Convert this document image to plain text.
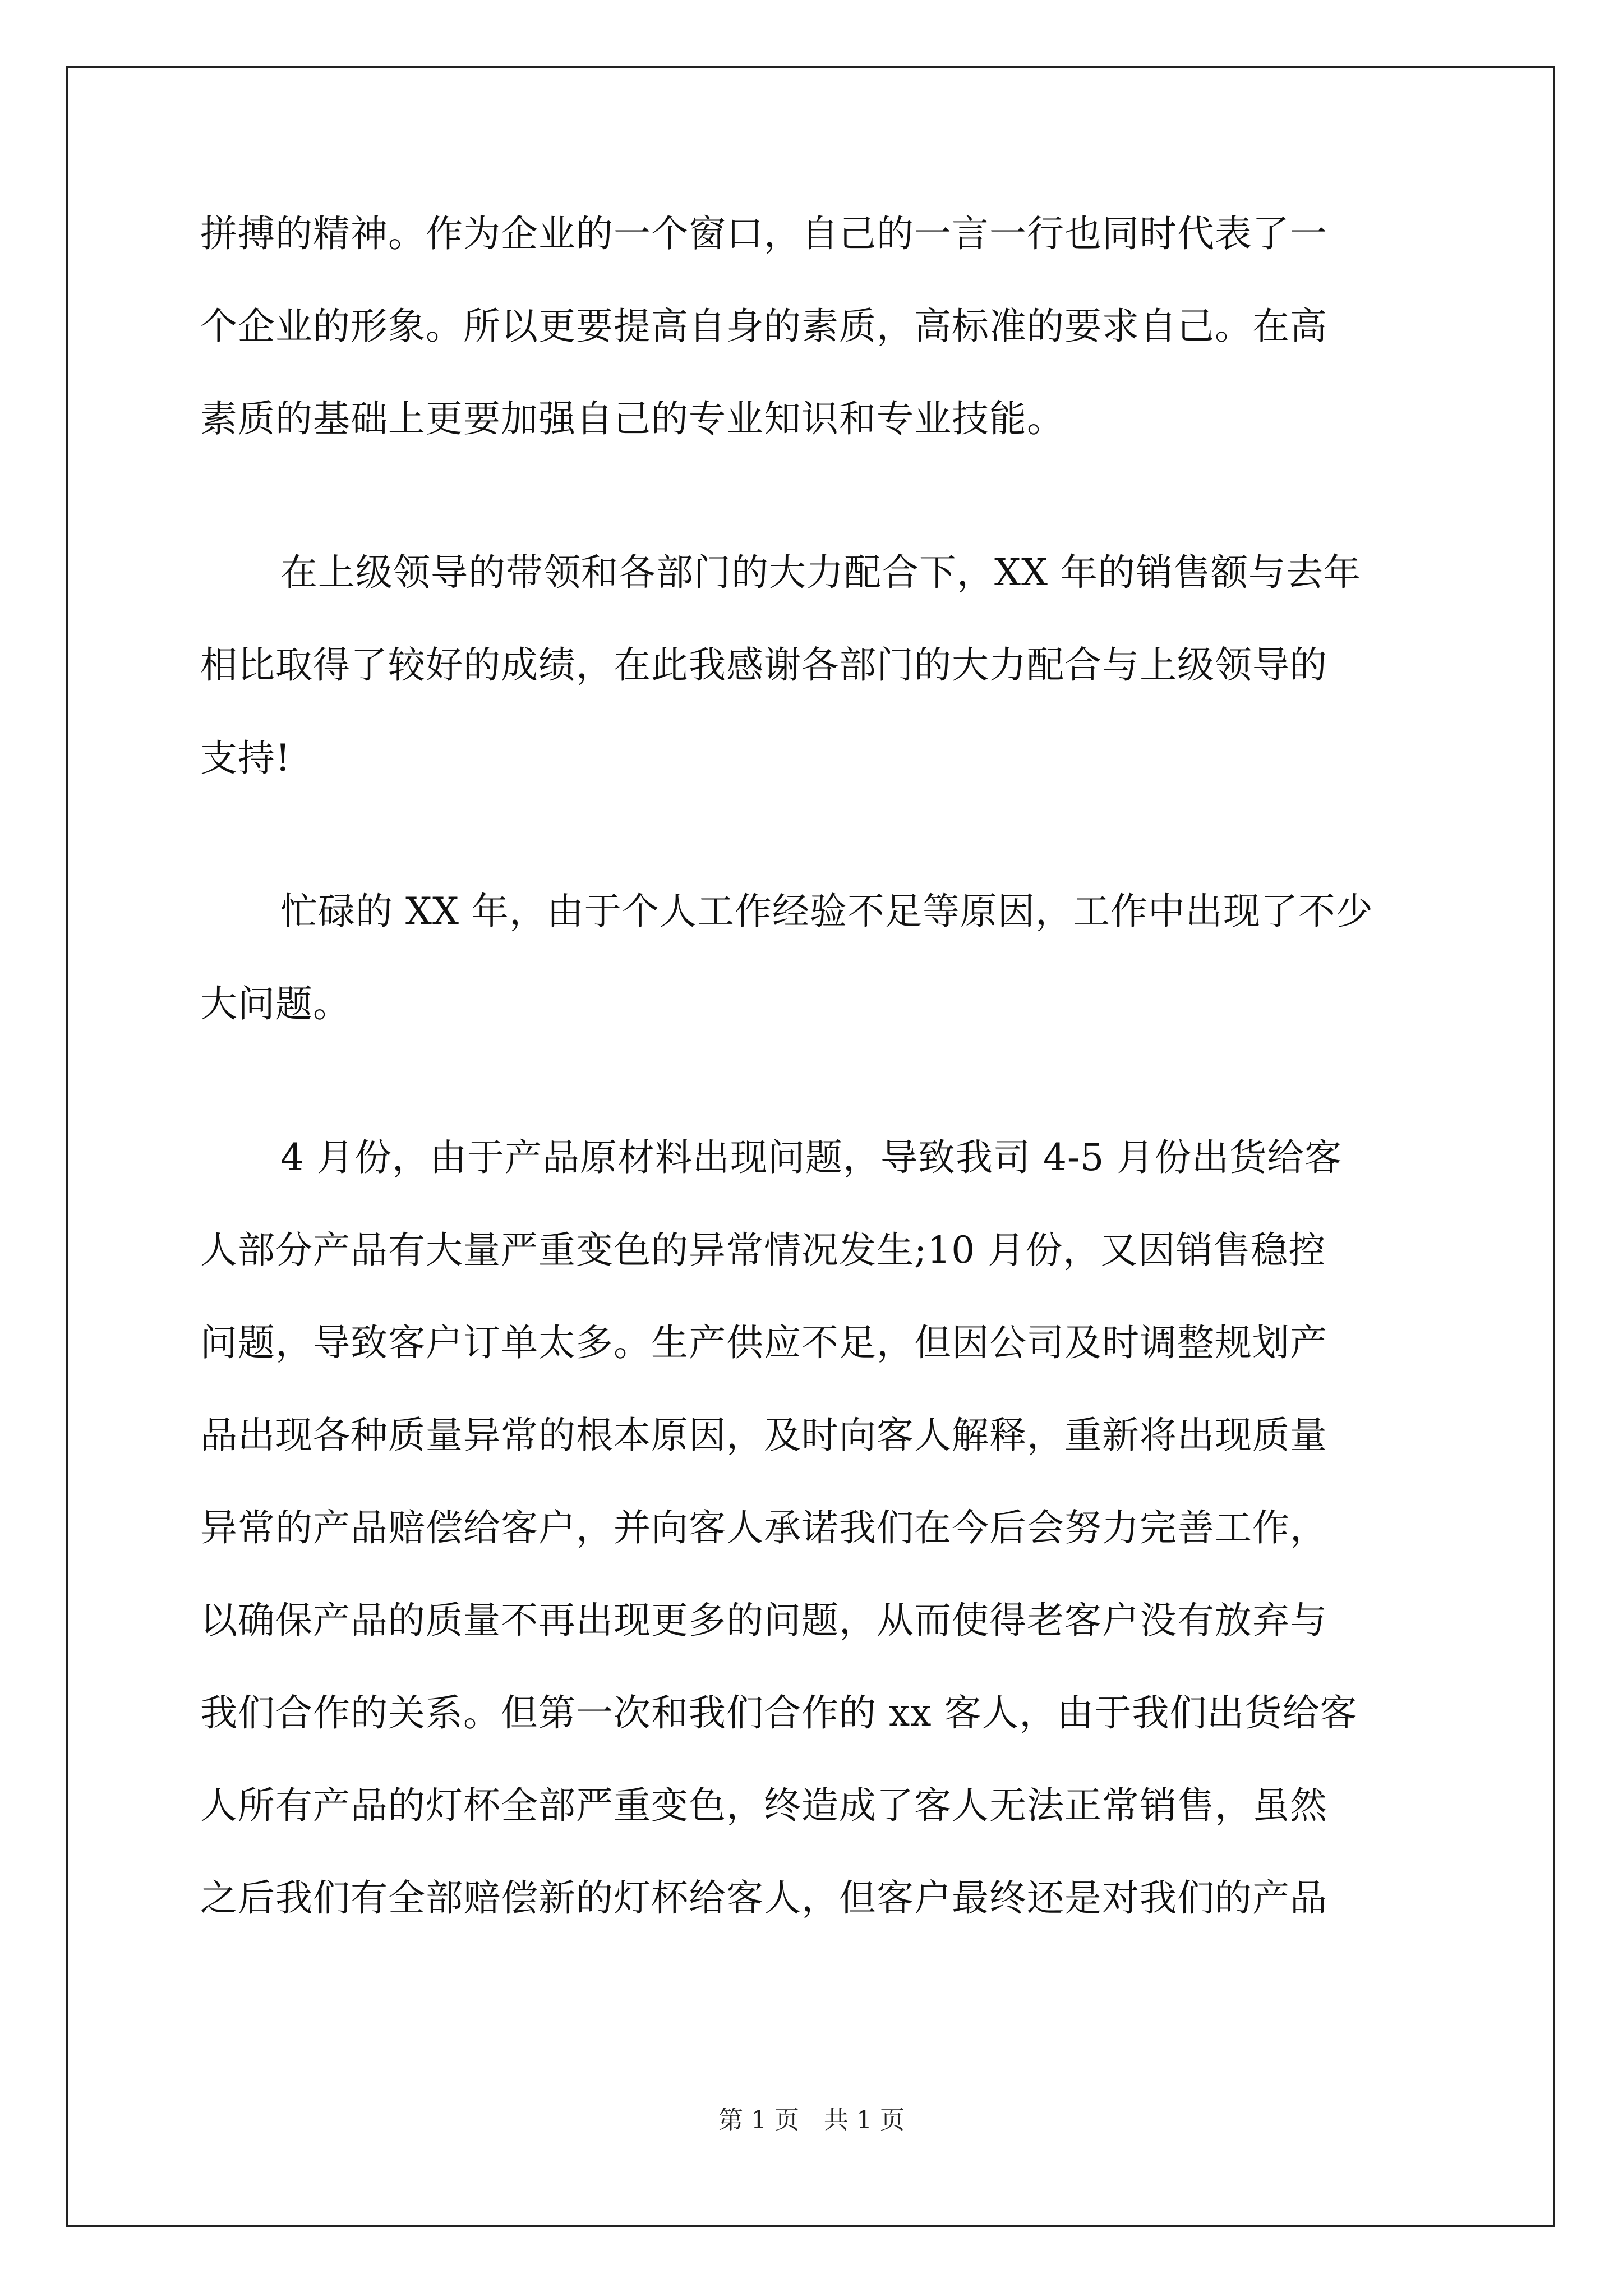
拼搏的精神。作为企业的一个窗口，自己的一言一行也同时代表了一
个企业的形象。所以更要提高自身的素质，高标准的要求自己。在高
素质的基础上更要加强自己的专业知识和专业技能。
在上级领导的带领和各部门的大力配合下，XX 年的销售额与去年
相比取得了较好的成绩，在此我感谢各部门的大力配合与上级领导的
支持!
忙碌的 XX 年，由于个人工作经验不足等原因，工作中出现了不少
大问题。
4 月份，由于产品原材料出现问题，导致我司 4-5 月份出货给客
人部分产品有大量严重变色的异常情况发生;10 月份，又因销售稳控
问题，导致客户订单太多。生产供应不足，但因公司及时调整规划产
品出现各种质量异常的根本原因，及时向客人解释，重新将出现质量
异常的产品赔偿给客户，并向客人承诺我们在今后会努力完善工作，
以确保产品的质量不再出现更多的问题，从而使得老客户没有放弃与
我们合作的关系。但第一次和我们合作的 xx 客人，由于我们出货给客
人所有产品的灯杯全部严重变色，终造成了客人无法正常销售，虽然
之后我们有全部赔偿新的灯杯给客人，但客户最终还是对我们的产品
第 1 页　共 1 页
